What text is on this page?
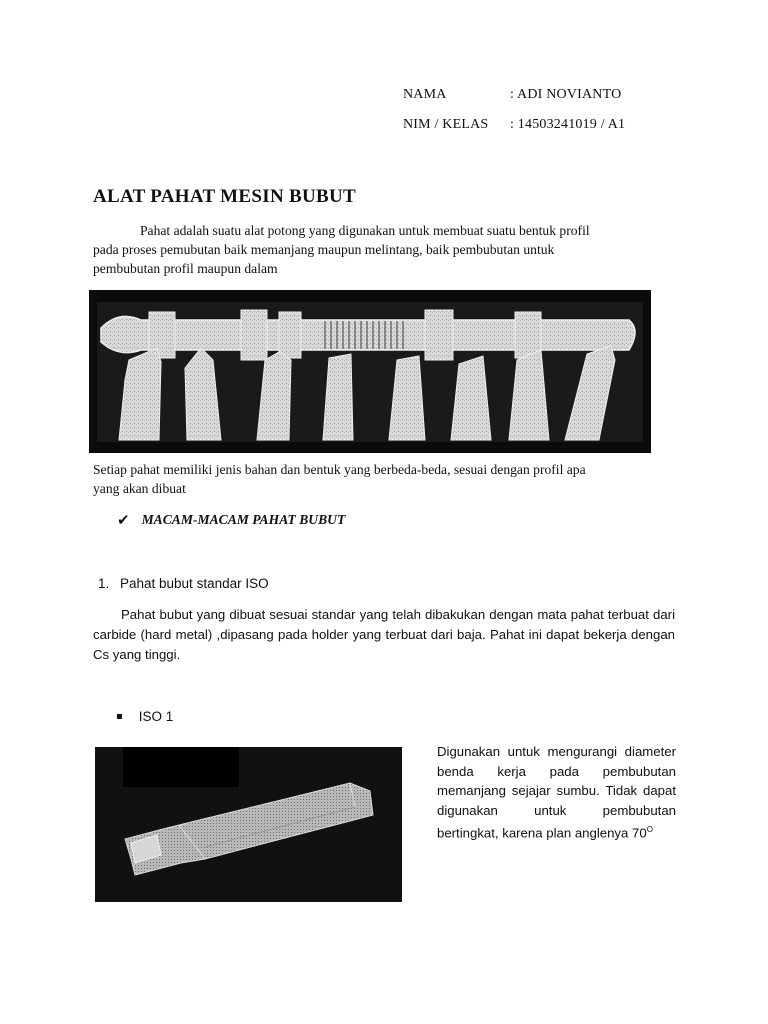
NAMA	: ADI NOVIANTO
NIM / KELAS : 14503241019 / A1
ALAT PAHAT MESIN BUBUT
Pahat adalah suatu alat potong yang digunakan untuk membuat suatu bentuk profil
pada proses pemubutan baik memanjang maupun melintang, baik pembubutan untuk
pembubutan profil maupun dalam
Setiap pahat memiliki jenis bahan dan bentuk yang berbeda-beda, sesuai dengan profil apa
yang akan dibuat
✔ MACAM-MACAM PAHAT BUBUT
1. Pahat bubut standar ISO
Pahat bubut yang dibuat sesuai standar yang telah dibakukan dengan mata pahat terbuat dari carbide (hard metal) ,dipasang pada holder yang terbuat dari baja. Pahat ini dapat bekerja dengan Cs yang tinggi.
▪ ISO 1
Digunakan untuk mengurangi diameter benda kerja pada pembubutan memanjang sejajar sumbu. Tidak dapat digunakan untuk pembubutan bertingkat, karena plan anglenya $70^O$
